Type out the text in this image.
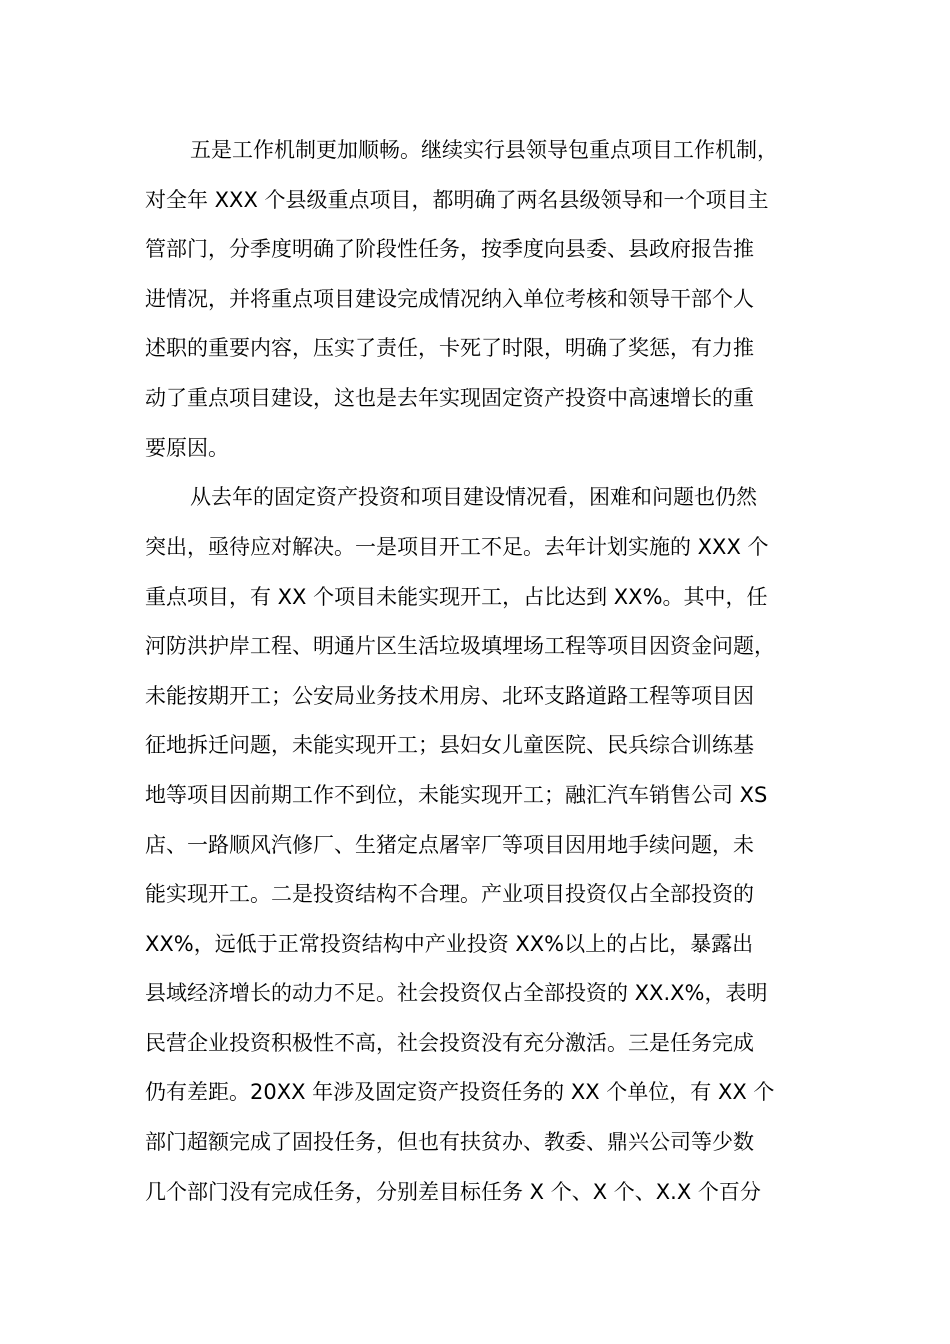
五是工作机制更加顺畅。继续实行县领导包重点项目工作机制，
对全年 XXX 个县级重点项目，都明确了两名县级领导和一个项目主
管部门，分季度明确了阶段性任务，按季度向县委、县政府报告推
进情况，并将重点项目建设完成情况纳入单位考核和领导干部个人
述职的重要内容，压实了责任，卡死了时限，明确了奖惩，有力推
动了重点项目建设，这也是去年实现固定资产投资中高速增长的重
要原因。
从去年的固定资产投资和项目建设情况看，困难和问题也仍然
突出，亟待应对解决。一是项目开工不足。去年计划实施的 XXX 个
重点项目，有 XX 个项目未能实现开工，占比达到 XX%。其中，任
河防洪护岸工程、明通片区生活垃圾填埋场工程等项目因资金问题，
未能按期开工；公安局业务技术用房、北环支路道路工程等项目因
征地拆迁问题，未能实现开工；县妇女儿童医院、民兵综合训练基
地等项目因前期工作不到位，未能实现开工；融汇汽车销售公司 XS
店、一路顺风汽修厂、生猪定点屠宰厂等项目因用地手续问题，未
能实现开工。二是投资结构不合理。产业项目投资仅占全部投资的
XX%，远低于正常投资结构中产业投资 XX%以上的占比，暴露出
县域经济增长的动力不足。社会投资仅占全部投资的 XX.X%，表明
民营企业投资积极性不高，社会投资没有充分激活。三是任务完成
仍有差距。20XX 年涉及固定资产投资任务的 XX 个单位，有 XX 个
部门超额完成了固投任务，但也有扶贫办、教委、鼎兴公司等少数
几个部门没有完成任务，分别差目标任务 X 个、X 个、X.X 个百分
